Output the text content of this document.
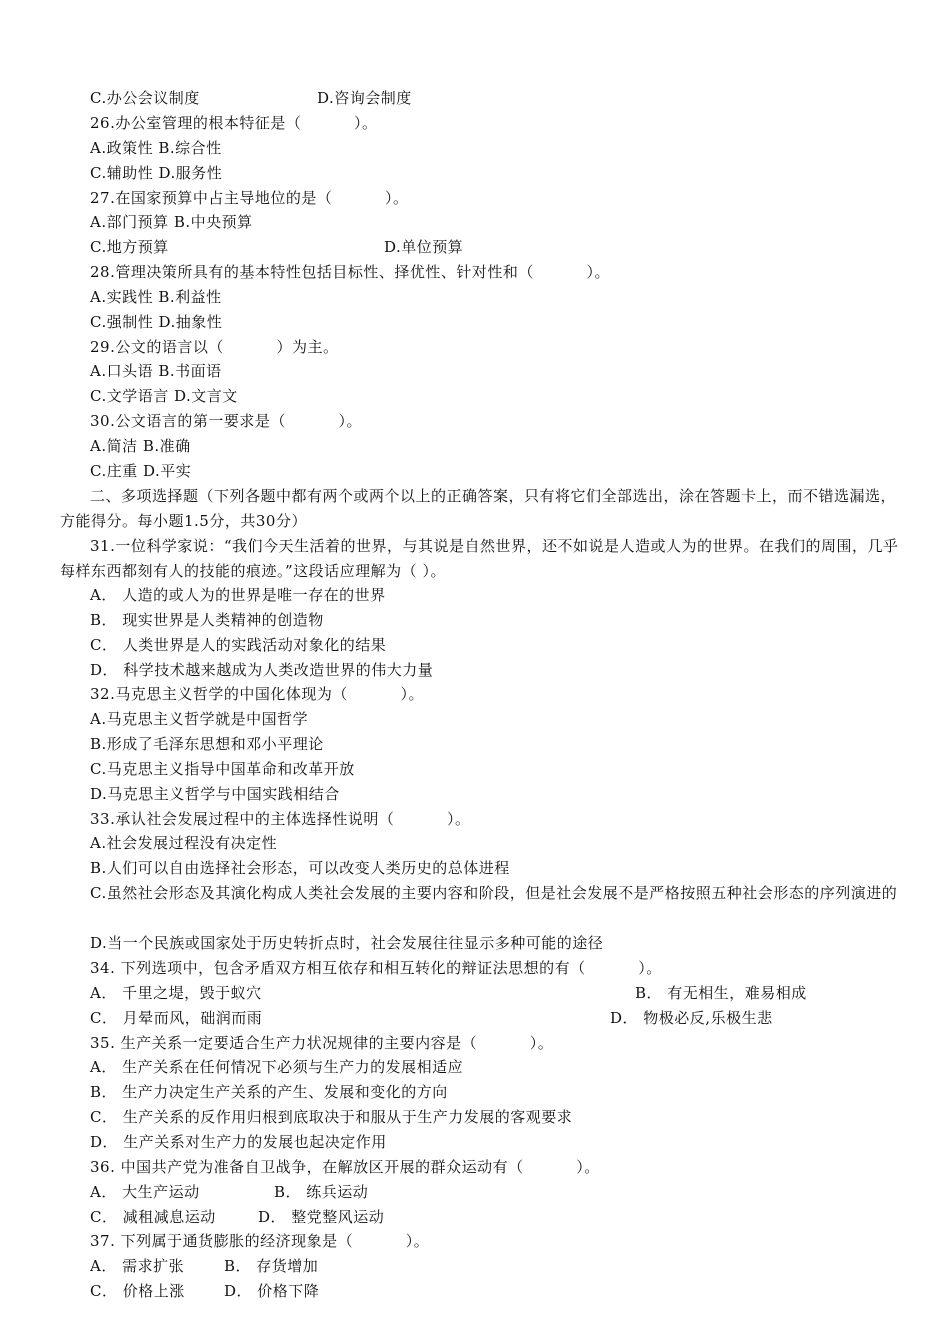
C.办公会议制度	D.咨询会制度
26.办公室管理的根本特征是（          ）。
A.政策性 B.综合性
C.辅助性 D.服务性
27.在国家预算中占主导地位的是（          ）。
A.部门预算 B.中央预算
C.地方预算	D.单位预算
28.管理决策所具有的基本特性包括目标性、择优性、针对性和（          ）。
A.实践性 B.利益性
C.强制性 D.抽象性
29.公文的语言以（          ）为主。
A.口头语 B.书面语
C.文学语言 D.文言文
30.公文语言的第一要求是（          ）。
A.简洁 B.准确
C.庄重 D.平实
二、多项选择题（下列各题中都有两个或两个以上的正确答案，只有将它们全部选出，涂在答题卡上，而不错选漏选，方能得分。每小题1.5分，共30分）
31.一位科学家说：“我们今天生活着的世界，与其说是自然世界，还不如说是人造或人为的世界。在我们的周围，几乎每样东西都刻有人的技能的痕迹。”这段话应理解为（ ）。
A． 人造的或人为的世界是唯一存在的世界
B． 现实世界是人类精神的创造物
C． 人类世界是人的实践活动对象化的结果
D． 科学技术越来越成为人类改造世界的伟大力量
32.马克思主义哲学的中国化体现为（          ）。
A.马克思主义哲学就是中国哲学
B.形成了毛泽东思想和邓小平理论
C.马克思主义指导中国革命和改革开放
D.马克思主义哲学与中国实践相结合
33.承认社会发展过程中的主体选择性说明（          ）。
A.社会发展过程没有决定性
B.人们可以自由选择社会形态，可以改变人类历史的总体进程
C.虽然社会形态及其演化构成人类社会发展的主要内容和阶段，但是社会发展不是严格按照五种社会形态的序列演进的
D.当一个民族或国家处于历史转折点时，社会发展往往显示多种可能的途径
34. 下列选项中，包含矛盾双方相互依存和相互转化的辩证法思想的有（          ）。
A． 千里之堤，毁于蚁穴	B． 有无相生，难易相成
C． 月晕而风，础润而雨	D． 物极必反,乐极生悲
35. 生产关系一定要适合生产力状况规律的主要内容是（          ）。
A． 生产关系在任何情况下必须与生产力的发展相适应
B． 生产力决定生产关系的产生、发展和变化的方向
C． 生产关系的反作用归根到底取决于和服从于生产力发展的客观要求
D． 生产关系对生产力的发展也起决定作用
36. 中国共产党为准备自卫战争，在解放区开展的群众运动有（          ）。
A． 大生产运动	B． 练兵运动
C． 减租减息运动	D． 整党整风运动
37. 下列属于通货膨胀的经济现象是（          ）。
A． 需求扩张	B． 存货增加
C． 价格上涨	D． 价格下降
